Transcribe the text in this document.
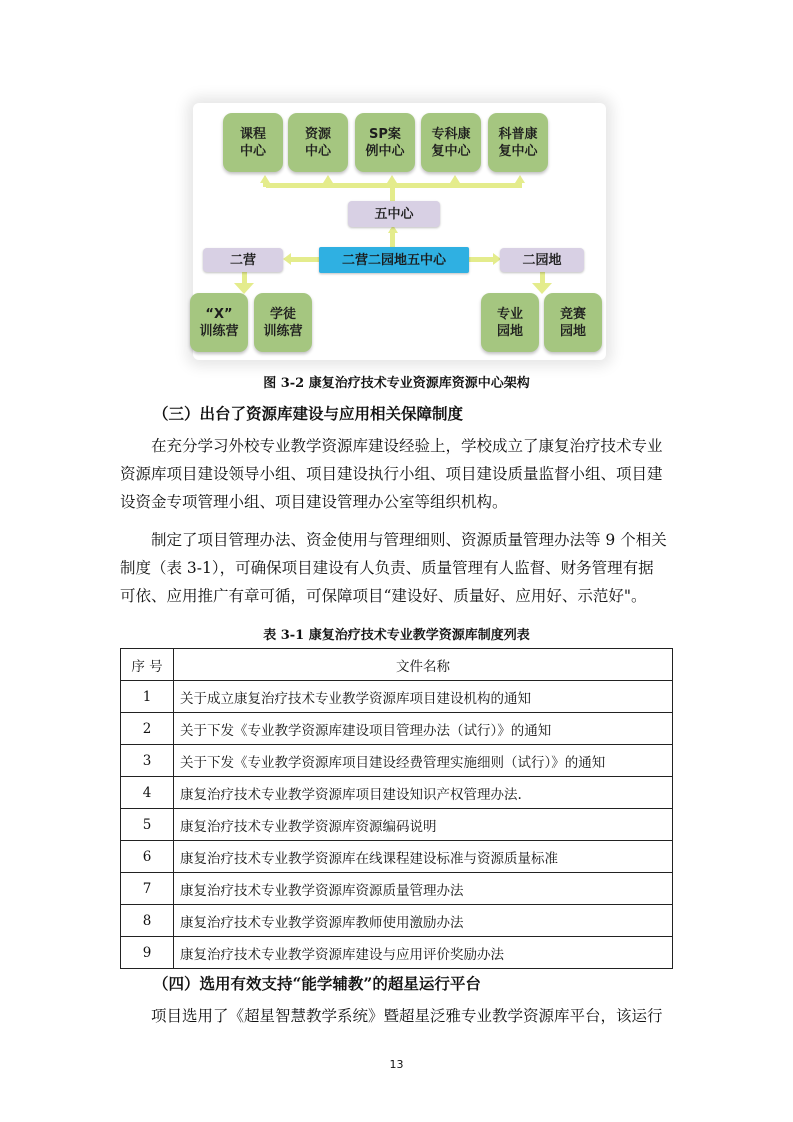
课程
中心
资源
中心
SP案
例中心
专科康
复中心
科普康
复中心
五中心
二营二园地五中心
二营	二园地
“X”
训练营
学徒
训练营
专业
园地
竞赛
园地
图 3-2 康复治疗技术专业资源库资源中心架构
（三）出台了资源库建设与应用相关保障制度
在充分学习外校专业教学资源库建设经验上，学校成立了康复治疗技术专业
资源库项目建设领导小组、项目建设执行小组、项目建设质量监督小组、项目建
设资金专项管理小组、项目建设管理办公室等组织机构。
制定了项目管理办法、资金使用与管理细则、资源质量管理办法等 9 个相关
制度（表 3-1），可确保项目建设有人负责、质量管理有人监督、财务管理有据
可依、应用推广有章可循，可保障项目“建设好、质量好、应用好、示范好"。
表 3-1 康复治疗技术专业教学资源库制度列表
序 号	文件名称
1	关于成立康复治疗技术专业教学资源库项目建设机构的通知
2	关于下发《专业教学资源库建设项目管理办法（试行）》的通知
3	关于下发《专业教学资源库项目建设经费管理实施细则（试行）》的通知
4	康复治疗技术专业教学资源库项目建设知识产权管理办法.
5	康复治疗技术专业教学资源库资源编码说明
6	康复治疗技术专业教学资源库在线课程建设标准与资源质量标准
7	康复治疗技术专业教学资源库资源质量管理办法
8	康复治疗技术专业教学资源库教师使用激励办法
9	康复治疗技术专业教学资源库建设与应用评价奖励办法
（四）选用有效支持“能学辅教”的超星运行平台
项目选用了《超星智慧教学系统》暨超星泛雅专业教学资源库平台，该运行
13
